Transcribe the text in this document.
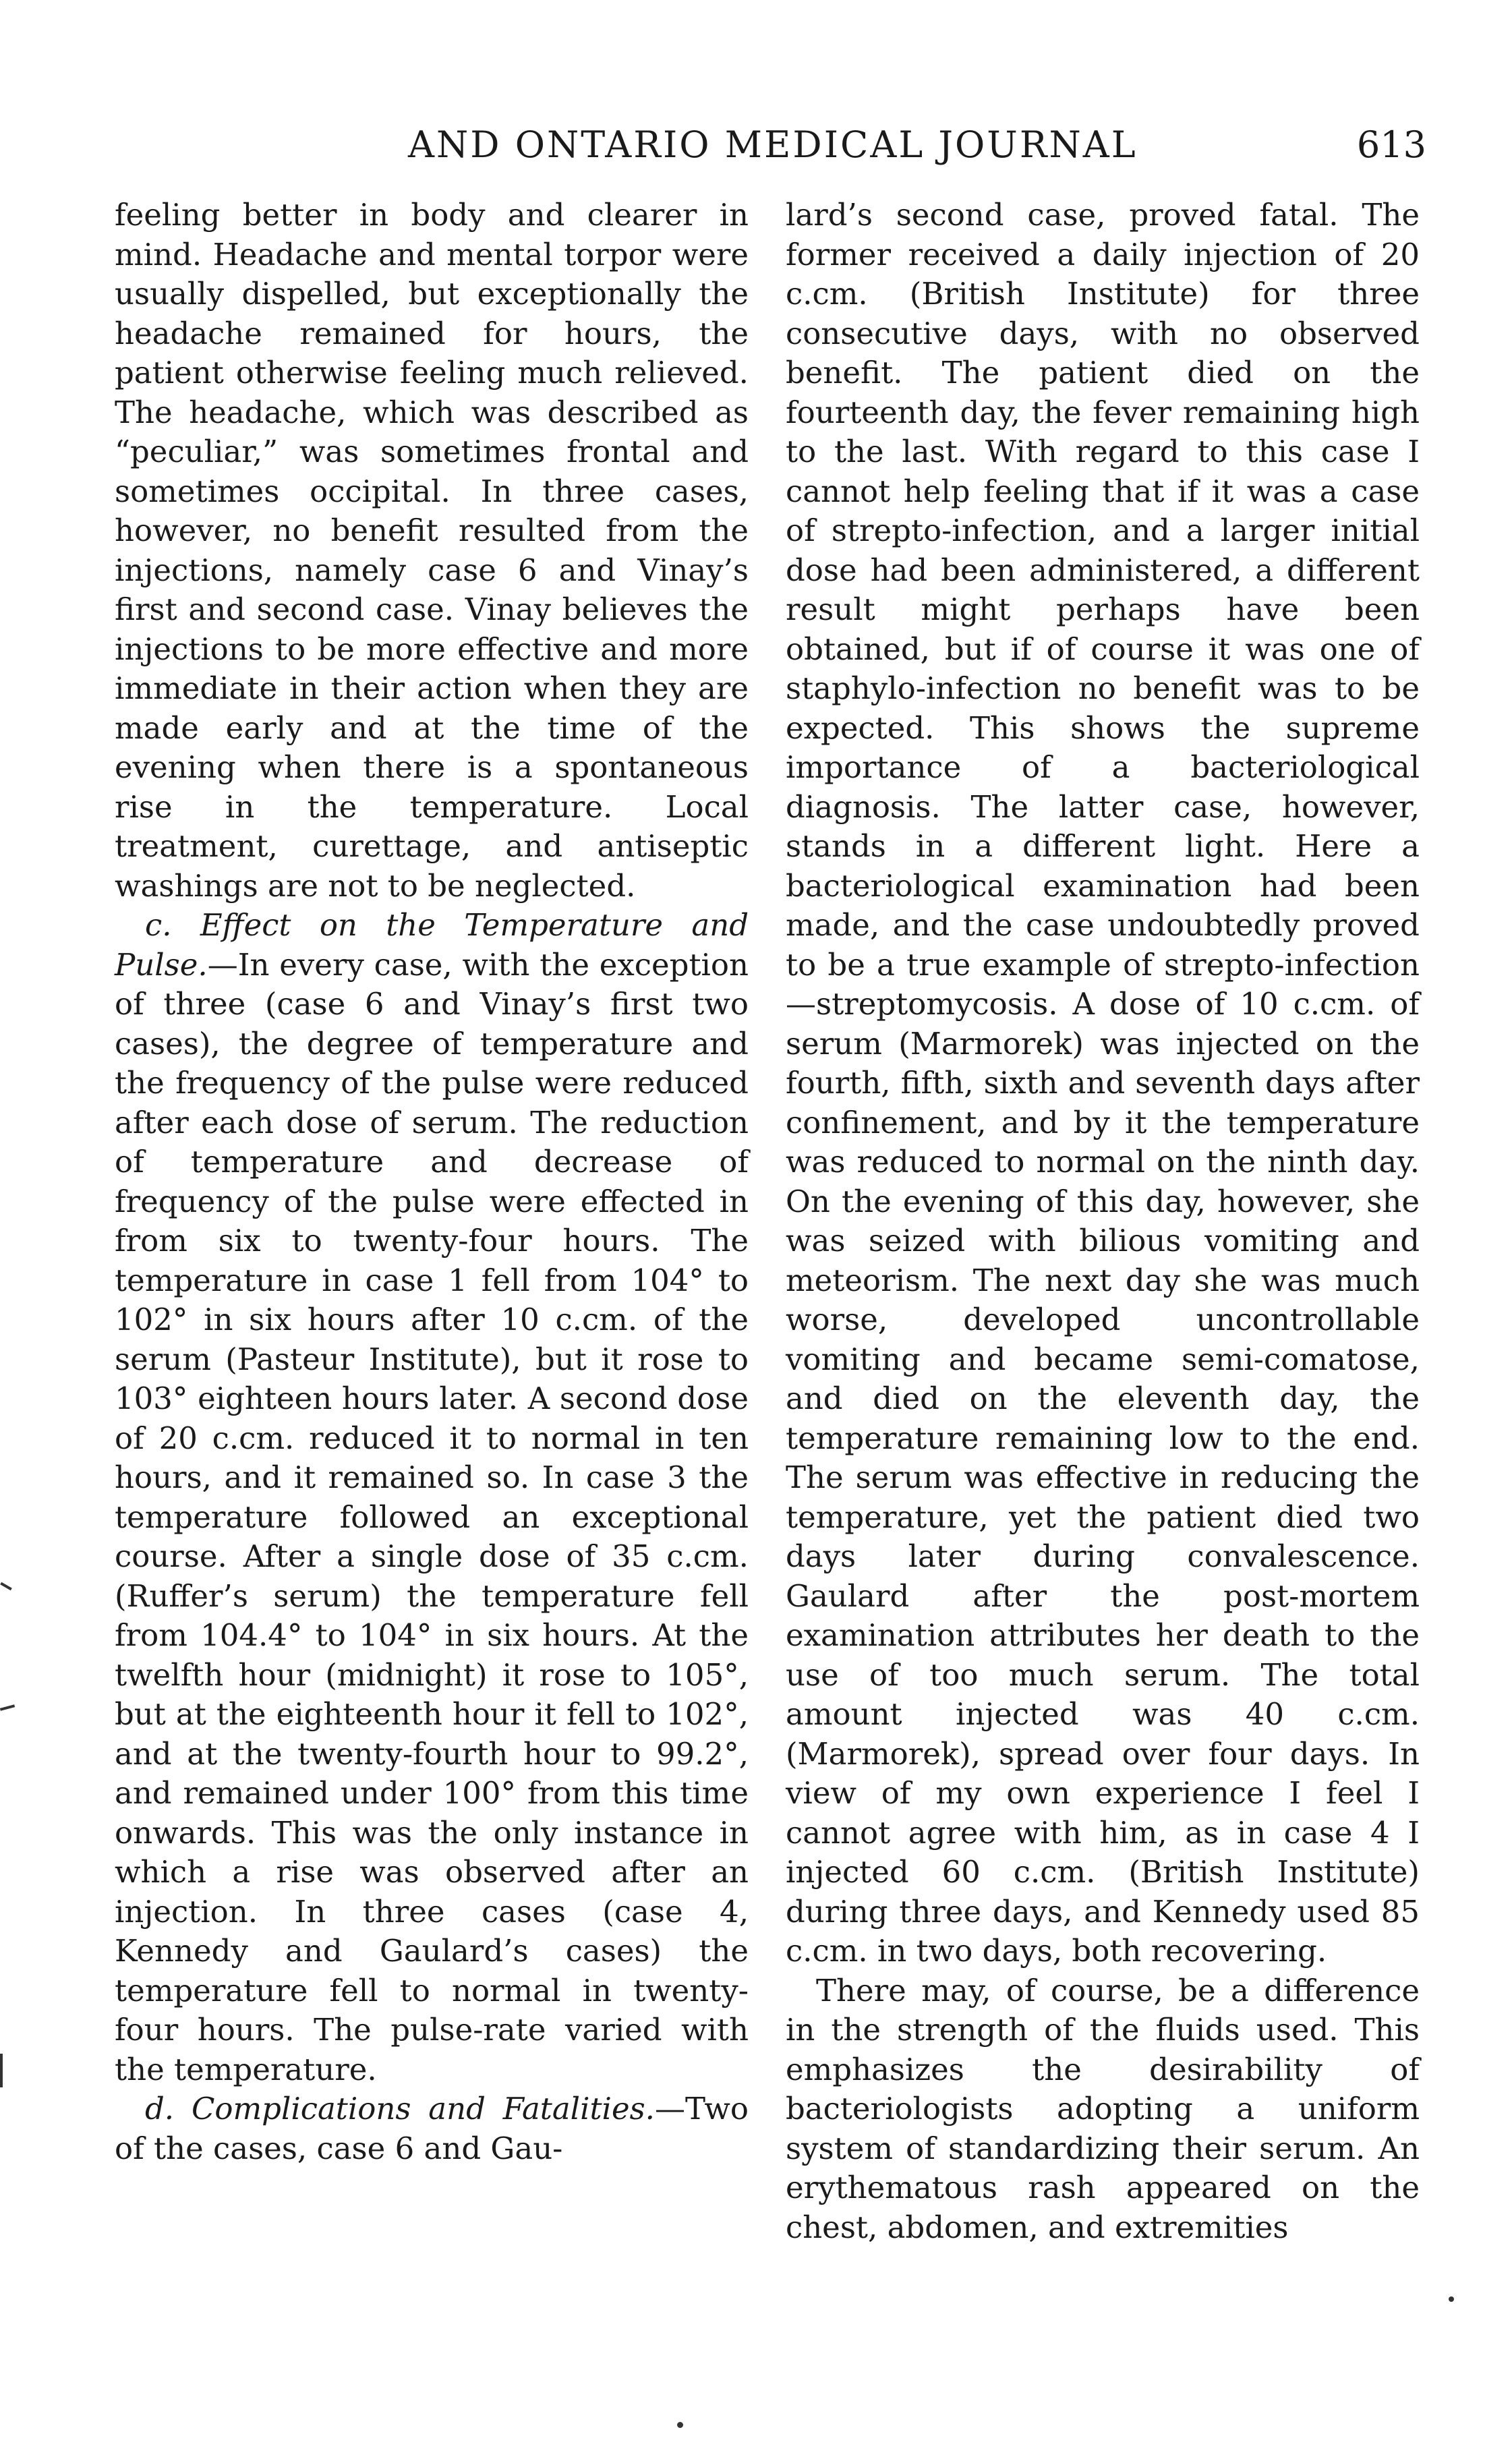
AND ONTARIO MEDICAL JOURNAL	613

feeling better in body and clearer in mind. Headache and mental torpor were usually dispelled, but exceptionally the headache remained for hours, the patient otherwise feeling much relieved. The headache, which was described as “peculiar,” was sometimes frontal and sometimes occipital. In three cases, however, no benefit resulted from the injections, namely case 6 and Vinay’s first and second case. Vinay believes the injections to be more effective and more immediate in their action when they are made early and at the time of the evening when there is a spontaneous rise in the temperature. Local treatment, curettage, and antiseptic washings are not to be neglected.

c. Effect on the Temperature and Pulse.—In every case, with the exception of three (case 6 and Vinay’s first two cases), the degree of temperature and the frequency of the pulse were reduced after each dose of serum. The reduction of temperature and decrease of frequency of the pulse were effected in from six to twenty-four hours. The temperature in case 1 fell from 104° to 102° in six hours after 10 c.cm. of the serum (Pasteur Institute), but it rose to 103° eighteen hours later. A second dose of 20 c.cm. reduced it to normal in ten hours, and it remained so. In case 3 the temperature followed an exceptional course. After a single dose of 35 c.cm. (Ruffer’s serum) the temperature fell from 104.4° to 104° in six hours. At the twelfth hour (midnight) it rose to 105°, but at the eighteenth hour it fell to 102°, and at the twenty-fourth hour to 99.2°, and remained under 100° from this time onwards. This was the only instance in which a rise was observed after an injection. In three cases (case 4, Kennedy and Gaulard’s cases) the temperature fell to normal in twenty-four hours. The pulse-rate varied with the temperature.

d. Complications and Fatalities.—Two of the cases, case 6 and Gau-

lard’s second case, proved fatal. The former received a daily injection of 20 c.cm. (British Institute) for three consecutive days, with no observed benefit. The patient died on the fourteenth day, the fever remaining high to the last. With regard to this case I cannot help feeling that if it was a case of strepto-infection, and a larger initial dose had been administered, a different result might perhaps have been obtained, but if of course it was one of staphylo-infection no benefit was to be expected. This shows the supreme importance of a bacteriological diagnosis. The latter case, however, stands in a different light. Here a bacteriological examination had been made, and the case undoubtedly proved to be a true example of strepto-infection—streptomycosis. A dose of 10 c.cm. of serum (Marmorek) was injected on the fourth, fifth, sixth and seventh days after confinement, and by it the temperature was reduced to normal on the ninth day. On the evening of this day, however, she was seized with bilious vomiting and meteorism. The next day she was much worse, developed uncontrollable vomiting and became semi-comatose, and died on the eleventh day, the temperature remaining low to the end. The serum was effective in reducing the temperature, yet the patient died two days later during convalescence. Gaulard after the post-mortem examination attributes her death to the use of too much serum. The total amount injected was 40 c.cm. (Marmorek), spread over four days. In view of my own experience I feel I cannot agree with him, as in case 4 I injected 60 c.cm. (British Institute) during three days, and Kennedy used 85 c.cm. in two days, both recovering.

There may, of course, be a difference in the strength of the fluids used. This emphasizes the desirability of bacteriologists adopting a uniform system of standardizing their serum. An erythematous rash appeared on the chest, abdomen, and extremities
